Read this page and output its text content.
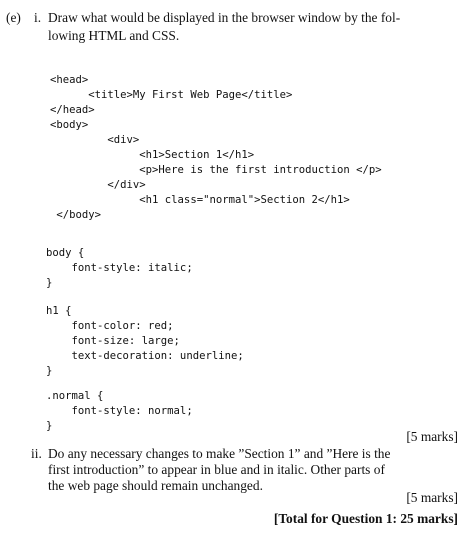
(e) i. Draw what would be displayed in the browser window by the fol-
lowing HTML and CSS.

<head>
<title>My First Web Page</title>
</head>
<body>
<div>
<h1>Section 1</h1>
<p>Here is the first introduction </p>
</div>
<h1 class="normal">Section 2</h1>
</body>

body {
font-style: italic;
}

h1 {
font-color: red;
font-size: large;
text-decoration: underline;
}

.normal {
font-style: normal;
}

[5 marks]
ii. Do any necessary changes to make ”Section 1” and ”Here is the
first introduction” to appear in blue and in italic. Other parts of
the web page should remain unchanged.
[5 marks]
[Total for Question 1: 25 marks]
